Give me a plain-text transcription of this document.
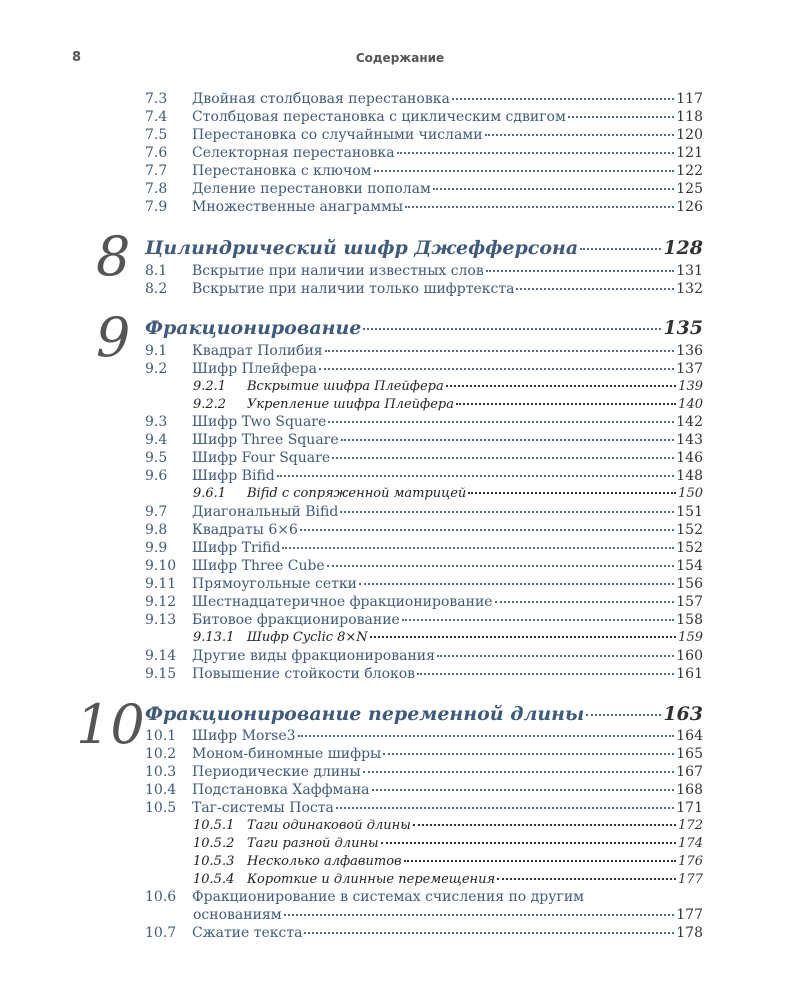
8	Содержание
7.3	Двойная столбцовая перестановка	117
7.4	Столбцовая перестановка с циклическим сдвигом	118
7.5	Перестановка со случайными числами	120
7.6	Селекторная перестановка	121
7.7	Перестановка с ключом	122
7.8	Деление перестановки пополам	125
7.9	Множественные анаграммы	126
8 Цилиндрический шифр Джефферсона	128
8.1	Вскрытие при наличии известных слов	131
8.2	Вскрытие при наличии только шифртекста	132
9 Фракционирование	135
9.1	Квадрат Полибия	136
9.2	Шифр Плейфера	137
9.2.1	Вскрытие шифра Плейфера	139
9.2.2	Укрепление шифра Плейфера	140
9.3	Шифр Two Square	142
9.4	Шифр Three Square	143
9.5	Шифр Four Square	146
9.6	Шифр Bifid	148
9.6.1	Bifid с сопряженной матрицей	150
9.7	Диагональный Bifid	151
9.8	Квадраты 6×6	152
9.9	Шифр Trifid	152
9.10	Шифр Three Cube	154
9.11	Прямоугольные сетки	156
9.12	Шестнадцатеричное фракционирование	157
9.13	Битовое фракционирование	158
9.13.1 Шифр Cyclic 8×N	159
9.14	Другие виды фракционирования	160
9.15	Повышение стойкости блоков	161
10 Фракционирование переменной длины	163
10.1	Шифр Morse3	164
10.2	Моном-биномные шифры	165
10.3	Периодические длины	167
10.4	Подстановка Хаффмана	168
10.5	Таг-системы Поста	171
10.5.1 Таги одинаковой длины	172
10.5.2 Таги разной длины	174
10.5.3 Несколько алфавитов	176
10.5.4 Короткие и длинные перемещения	177
10.6	Фракционирование в системах счисления по другим
основаниям	177
10.7	Сжатие текста	178
